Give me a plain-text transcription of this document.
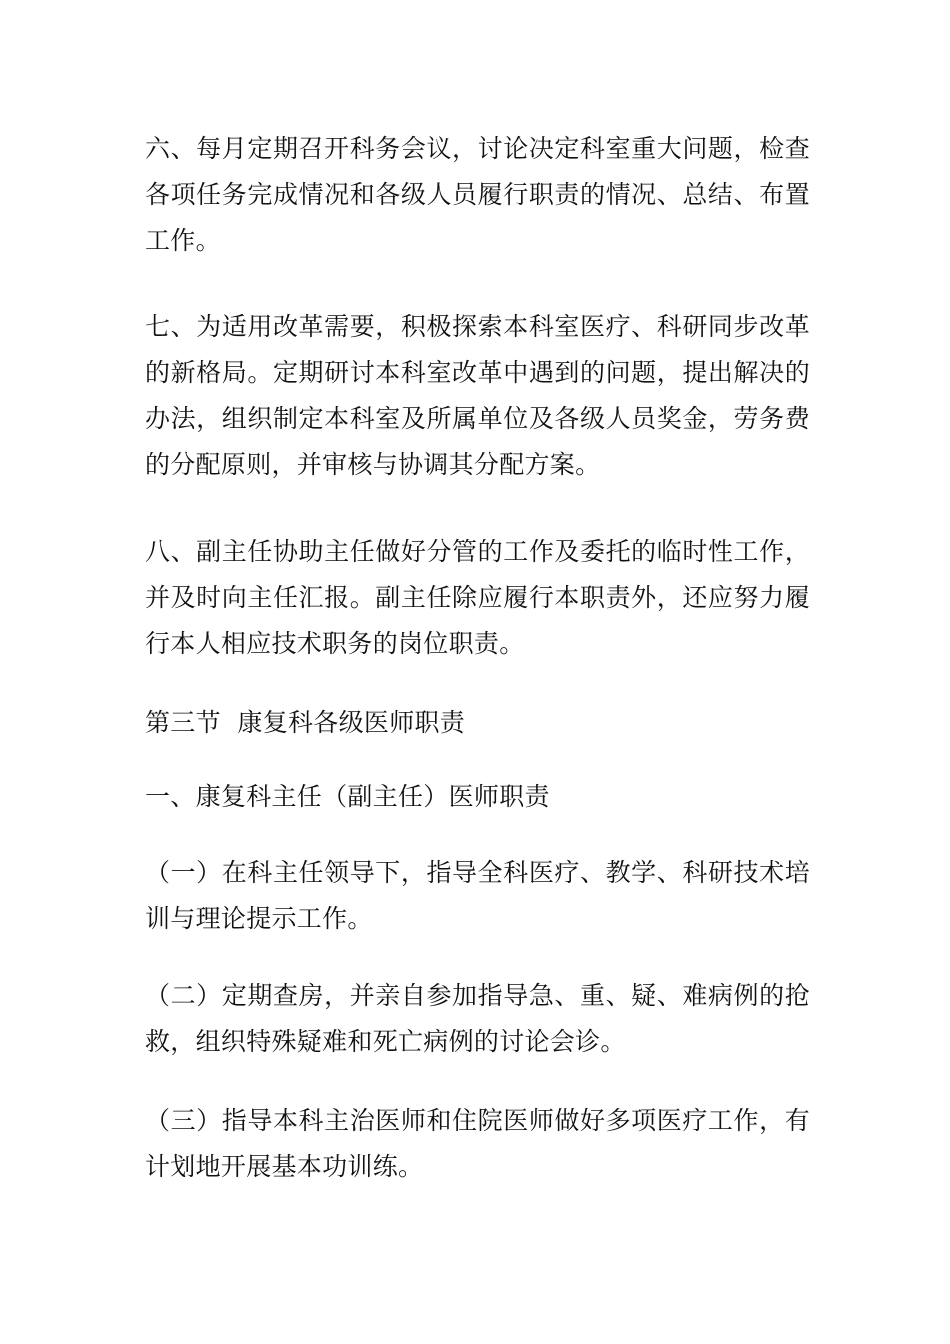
六、每月定期召开科务会议，讨论决定科室重大问题，检查各项任务完成情况和各级人员履行职责的情况、总结、布置工作。

七、为适用改革需要，积极探索本科室医疗、科研同步改革的新格局。定期研讨本科室改革中遇到的问题，提出解决的办法，组织制定本科室及所属单位及各级人员奖金，劳务费的分配原则，并审核与协调其分配方案。

八、副主任协助主任做好分管的工作及委托的临时性工作，并及时向主任汇报。副主任除应履行本职责外，还应努力履行本人相应技术职务的岗位职责。

第三节  康复科各级医师职责

一、康复科主任（副主任）医师职责

（一）在科主任领导下，指导全科医疗、教学、科研技术培训与理论提示工作。

（二）定期查房，并亲自参加指导急、重、疑、难病例的抢救，组织特殊疑难和死亡病例的讨论会诊。

（三）指导本科主治医师和住院医师做好多项医疗工作，有计划地开展基本功训练。
